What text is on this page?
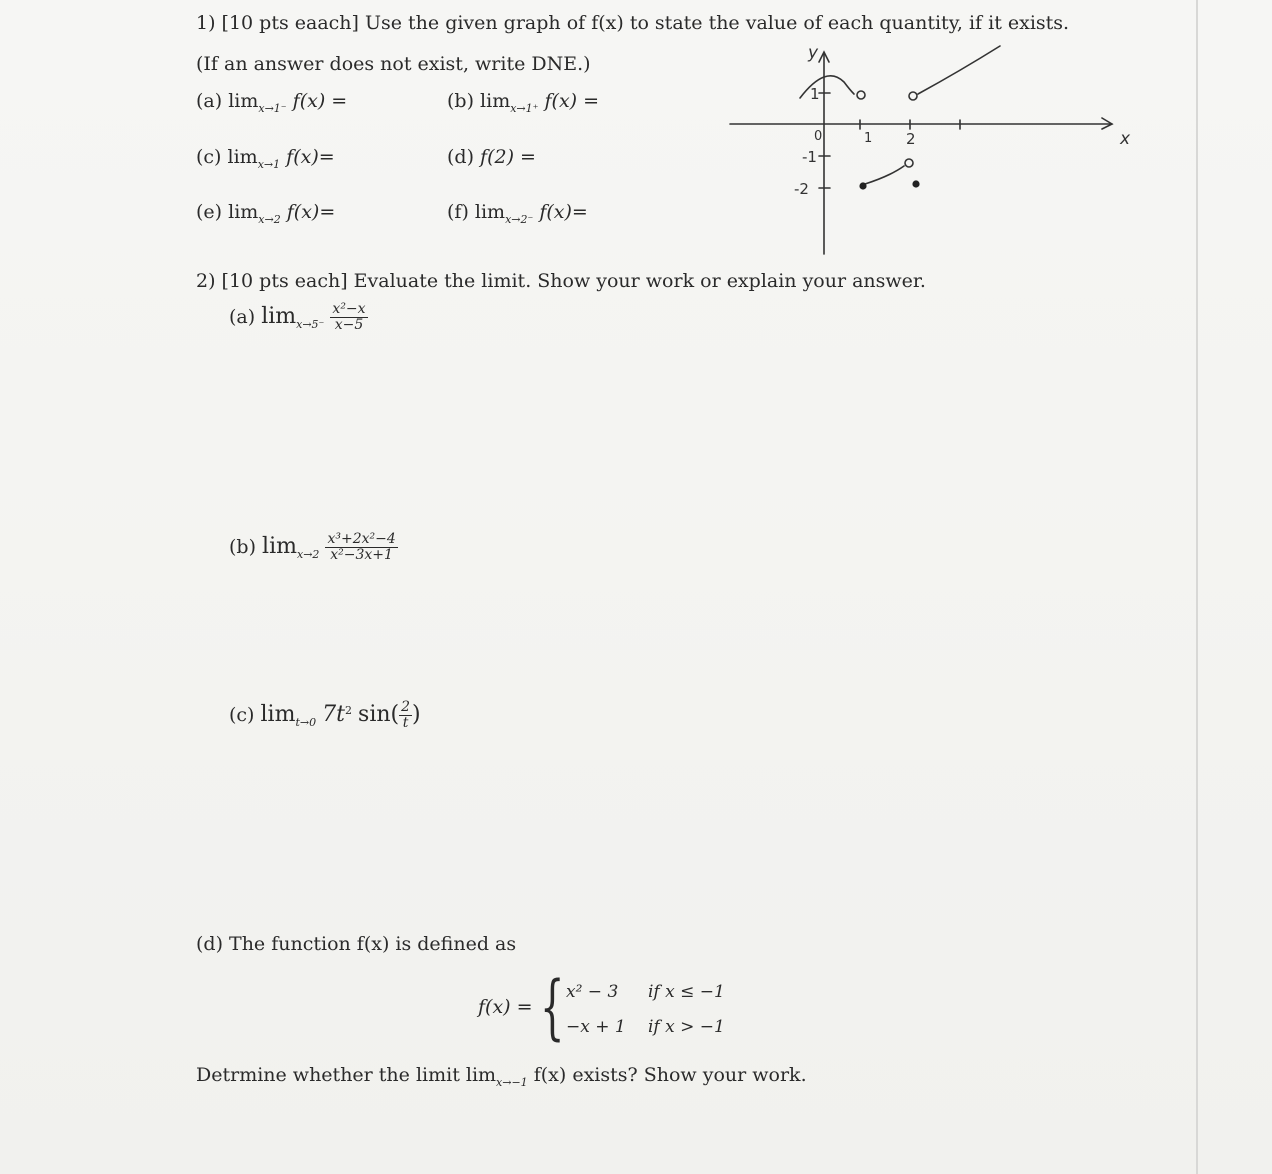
1) [10 pts eaach] Use the given graph of f(x) to state the value of each quantity, if it exists.
(If an answer does not exist, write DNE.)
(a) $\lim_{x\to 1^-} f(x)$ =	(b) $\lim_{x\to 1^+} f(x)$ =
(c) $\lim_{x\to 1} f(x)=$	(d) f(2) =
(e) $\lim_{x\to 2} f(x)=$	(f) $\lim_{x\to 2^-} f(x)=$
y
x
1
0
-1
-2
1 2
2) [10 pts each] Evaluate the limit. Show your work or explain your answer.
(a) $\lim_{x\to 5^-} \frac{\text{x²−x}}{x-5}$
(b) $\lim_{x\to 2} \frac{\text{x³+2x²−4}}{\text{x²−3x+1}}$
(c) $\lim_{t\to 0} 7t^2$ $\sin( \frac{2}{t}$ )
(d) The function f(x) is defined as
f(x) = { x² − 3 if x ≤ −1
−x + 1 if x > −1
Detrmine whether the limit $\lim_{x\to-1} f(x)$ exists? Show your work.
